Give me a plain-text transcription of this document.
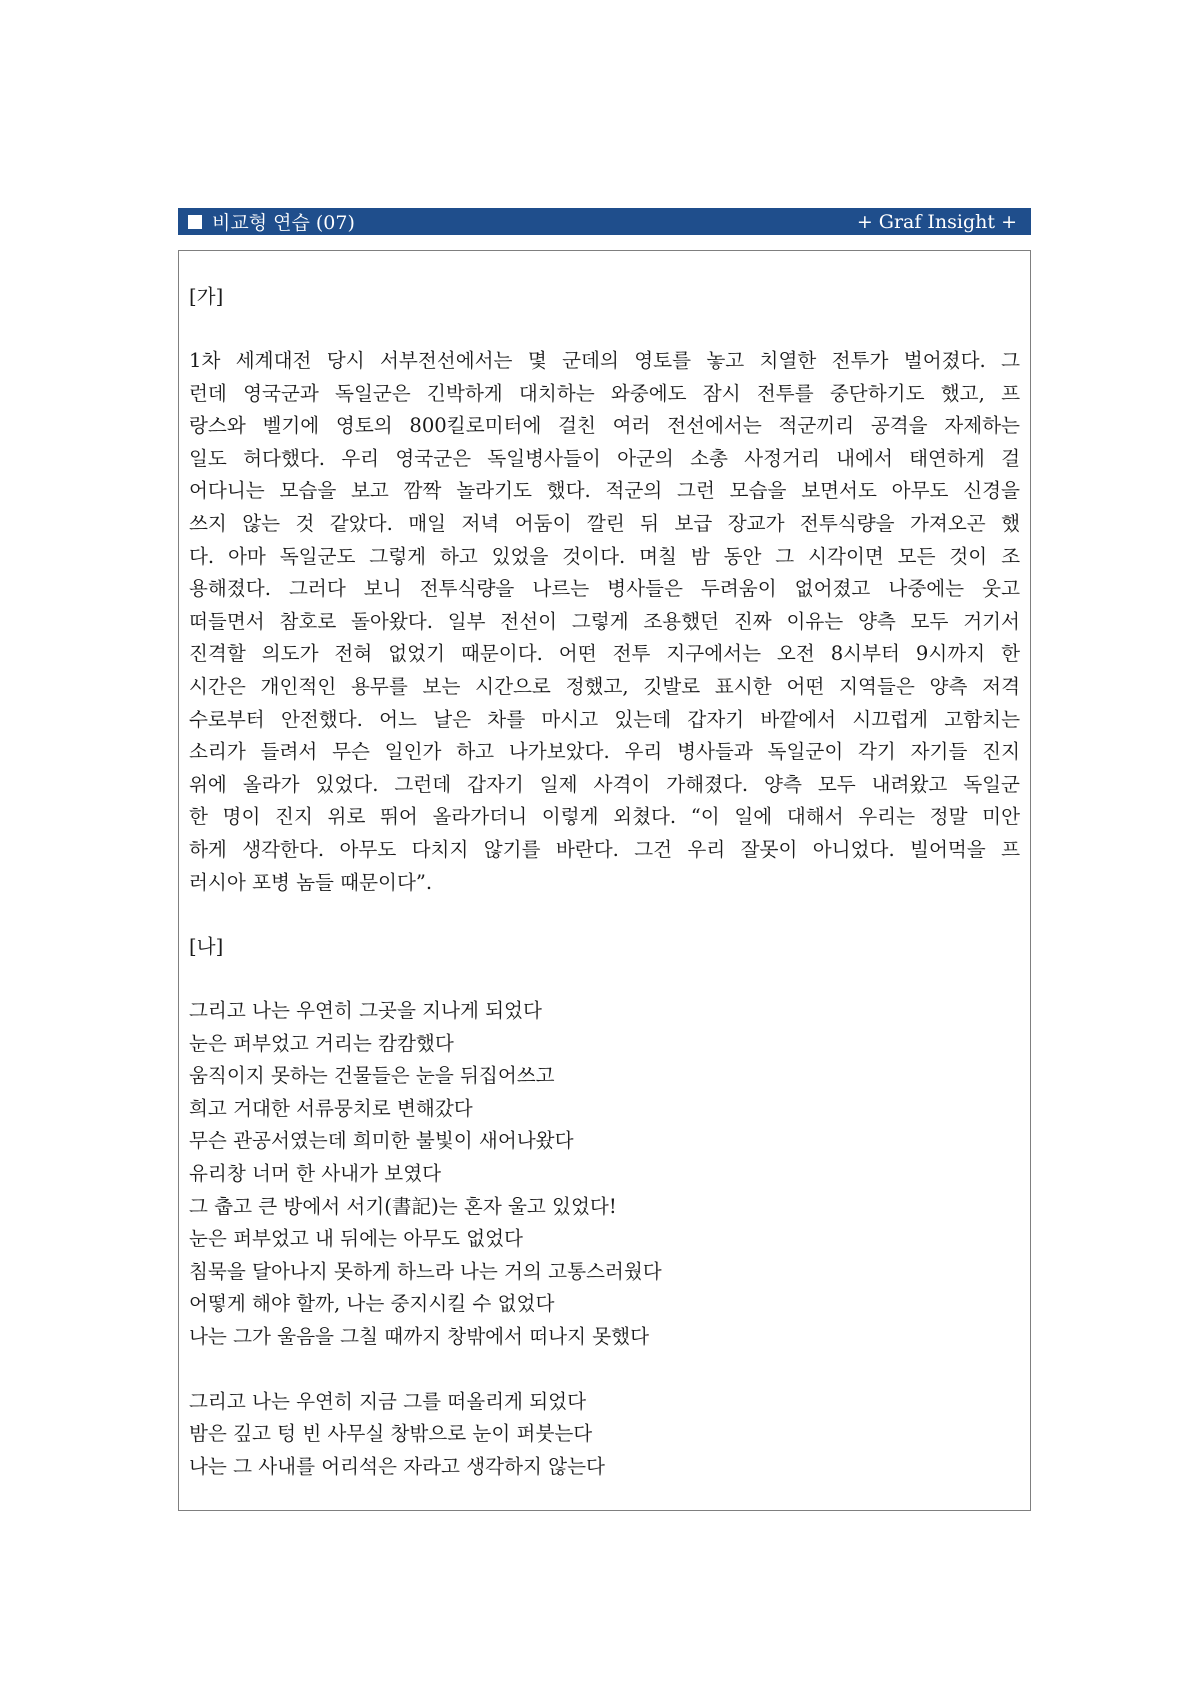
비교형 연습 (07)	+ Graf Insight +
[가]
1차 세계대전 당시 서부전선에서는 몇 군데의 영토를 놓고 치열한 전투가 벌어졌다. 그
런데 영국군과 독일군은 긴박하게 대치하는 와중에도 잠시 전투를 중단하기도 했고, 프
랑스와 벨기에 영토의 800킬로미터에 걸친 여러 전선에서는 적군끼리 공격을 자제하는
일도 허다했다. 우리 영국군은 독일병사들이 아군의 소총 사정거리 내에서 태연하게 걸
어다니는 모습을 보고 깜짝 놀라기도 했다. 적군의 그런 모습을 보면서도 아무도 신경을
쓰지 않는 것 같았다. 매일 저녁 어둠이 깔린 뒤 보급 장교가 전투식량을 가져오곤 했
다. 아마 독일군도 그렇게 하고 있었을 것이다. 며칠 밤 동안 그 시각이면 모든 것이 조
용해졌다. 그러다 보니 전투식량을 나르는 병사들은 두려움이 없어졌고 나중에는 웃고
떠들면서 참호로 돌아왔다. 일부 전선이 그렇게 조용했던 진짜 이유는 양측 모두 거기서
진격할 의도가 전혀 없었기 때문이다. 어떤 전투 지구에서는 오전 8시부터 9시까지 한
시간은 개인적인 용무를 보는 시간으로 정했고, 깃발로 표시한 어떤 지역들은 양측 저격
수로부터 안전했다. 어느 날은 차를 마시고 있는데 갑자기 바깥에서 시끄럽게 고함치는
소리가 들려서 무슨 일인가 하고 나가보았다. 우리 병사들과 독일군이 각기 자기들 진지
위에 올라가 있었다. 그런데 갑자기 일제 사격이 가해졌다. 양측 모두 내려왔고 독일군
한 명이 진지 위로 뛰어 올라가더니 이렇게 외쳤다. “이 일에 대해서 우리는 정말 미안
하게 생각한다. 아무도 다치지 않기를 바란다. 그건 우리 잘못이 아니었다. 빌어먹을 프
러시아 포병 놈들 때문이다”.
[나]
그리고 나는 우연히 그곳을 지나게 되었다
눈은 퍼부었고 거리는 캄캄했다
움직이지 못하는 건물들은 눈을 뒤집어쓰고
희고 거대한 서류뭉치로 변해갔다
무슨 관공서였는데 희미한 불빛이 새어나왔다
유리창 너머 한 사내가 보였다
그 춥고 큰 방에서 서기(書記)는 혼자 울고 있었다!
눈은 퍼부었고 내 뒤에는 아무도 없었다
침묵을 달아나지 못하게 하느라 나는 거의 고통스러웠다
어떻게 해야 할까, 나는 중지시킬 수 없었다
나는 그가 울음을 그칠 때까지 창밖에서 떠나지 못했다
그리고 나는 우연히 지금 그를 떠올리게 되었다
밤은 깊고 텅 빈 사무실 창밖으로 눈이 퍼붓는다
나는 그 사내를 어리석은 자라고 생각하지 않는다
